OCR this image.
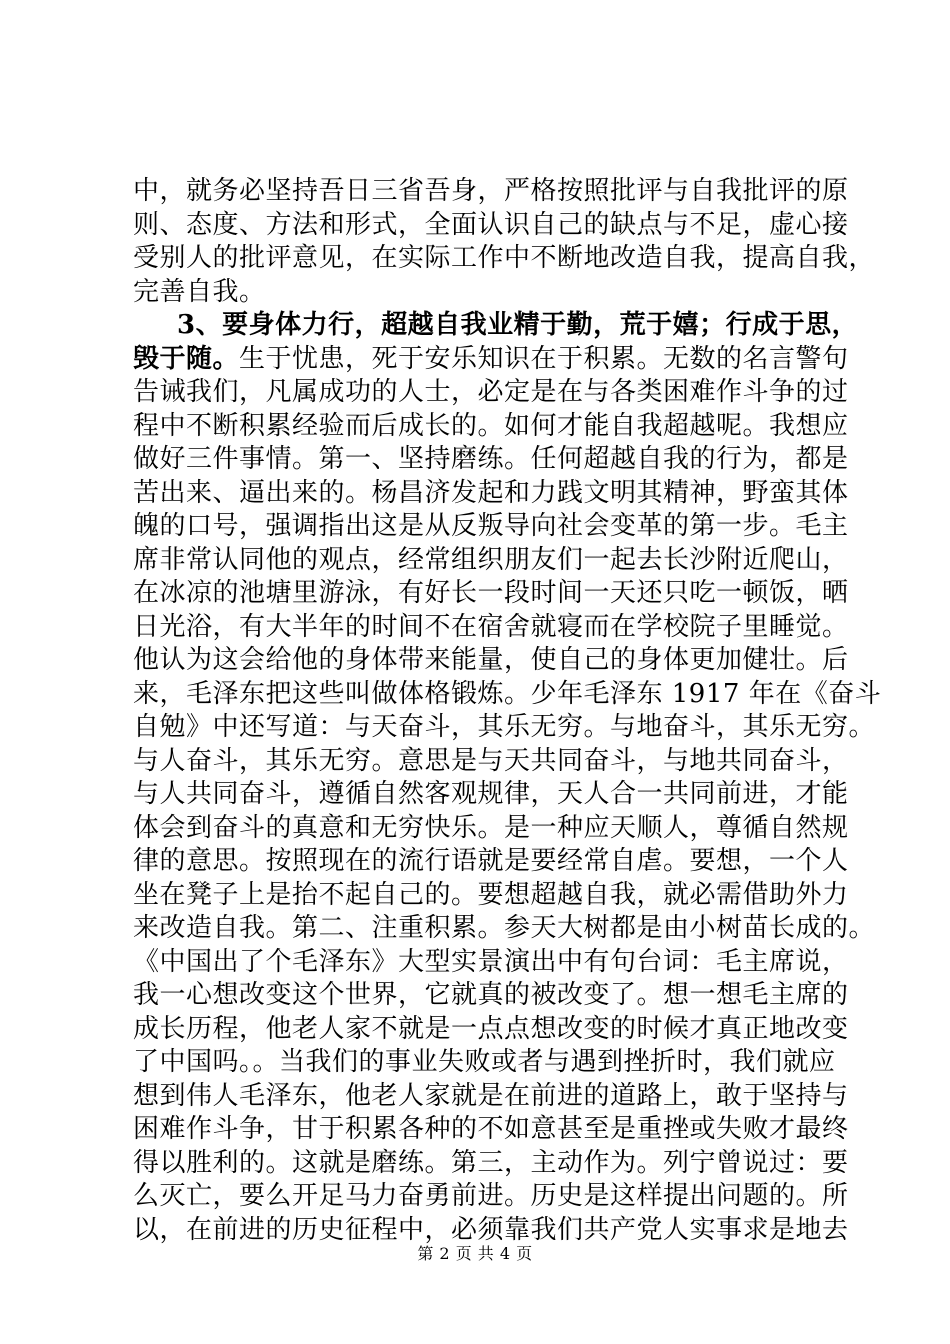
中，就务必坚持吾日三省吾身，严格按照批评与自我批评的原
则、态度、方法和形式，全面认识自己的缺点与不足，虚心接
受别人的批评意见，在实际工作中不断地改造自我，提高自我，
完善自我。
3、要身体力行，超越自我业精于勤，荒于嬉；行成于思，
毁于随。生于忧患，死于安乐知识在于积累。无数的名言警句
告诫我们，凡属成功的人士，必定是在与各类困难作斗争的过
程中不断积累经验而后成长的。如何才能自我超越呢。我想应
做好三件事情。第一、坚持磨练。任何超越自我的行为，都是
苦出来、逼出来的。杨昌济发起和力践文明其精神，野蛮其体
魄的口号，强调指出这是从反叛导向社会变革的第一步。毛主
席非常认同他的观点，经常组织朋友们一起去长沙附近爬山，
在冰凉的池塘里游泳，有好长一段时间一天还只吃一顿饭，晒
日光浴，有大半年的时间不在宿舍就寝而在学校院子里睡觉。
他认为这会给他的身体带来能量，使自己的身体更加健壮。后
来，毛泽东把这些叫做体格锻炼。少年毛泽东 1917 年在《奋斗
自勉》中还写道：与天奋斗，其乐无穷。与地奋斗，其乐无穷。
与人奋斗，其乐无穷。意思是与天共同奋斗，与地共同奋斗，
与人共同奋斗，遵循自然客观规律，天人合一共同前进，才能
体会到奋斗的真意和无穷快乐。是一种应天顺人，尊循自然规
律的意思。按照现在的流行语就是要经常自虐。要想，一个人
坐在凳子上是抬不起自己的。要想超越自我，就必需借助外力
来改造自我。第二、注重积累。参天大树都是由小树苗长成的。
《中国出了个毛泽东》大型实景演出中有句台词：毛主席说，
我一心想改变这个世界，它就真的被改变了。想一想毛主席的
成长历程，他老人家不就是一点点想改变的时候才真正地改变
了中国吗。。当我们的事业失败或者与遇到挫折时，我们就应
想到伟人毛泽东，他老人家就是在前进的道路上，敢于坚持与
困难作斗争，甘于积累各种的不如意甚至是重挫或失败才最终
得以胜利的。这就是磨练。第三，主动作为。列宁曾说过：要
么灭亡，要么开足马力奋勇前进。历史是这样提出问题的。所
以，在前进的历史征程中，必须靠我们共产党人实事求是地去
第 2 页 共 4 页
